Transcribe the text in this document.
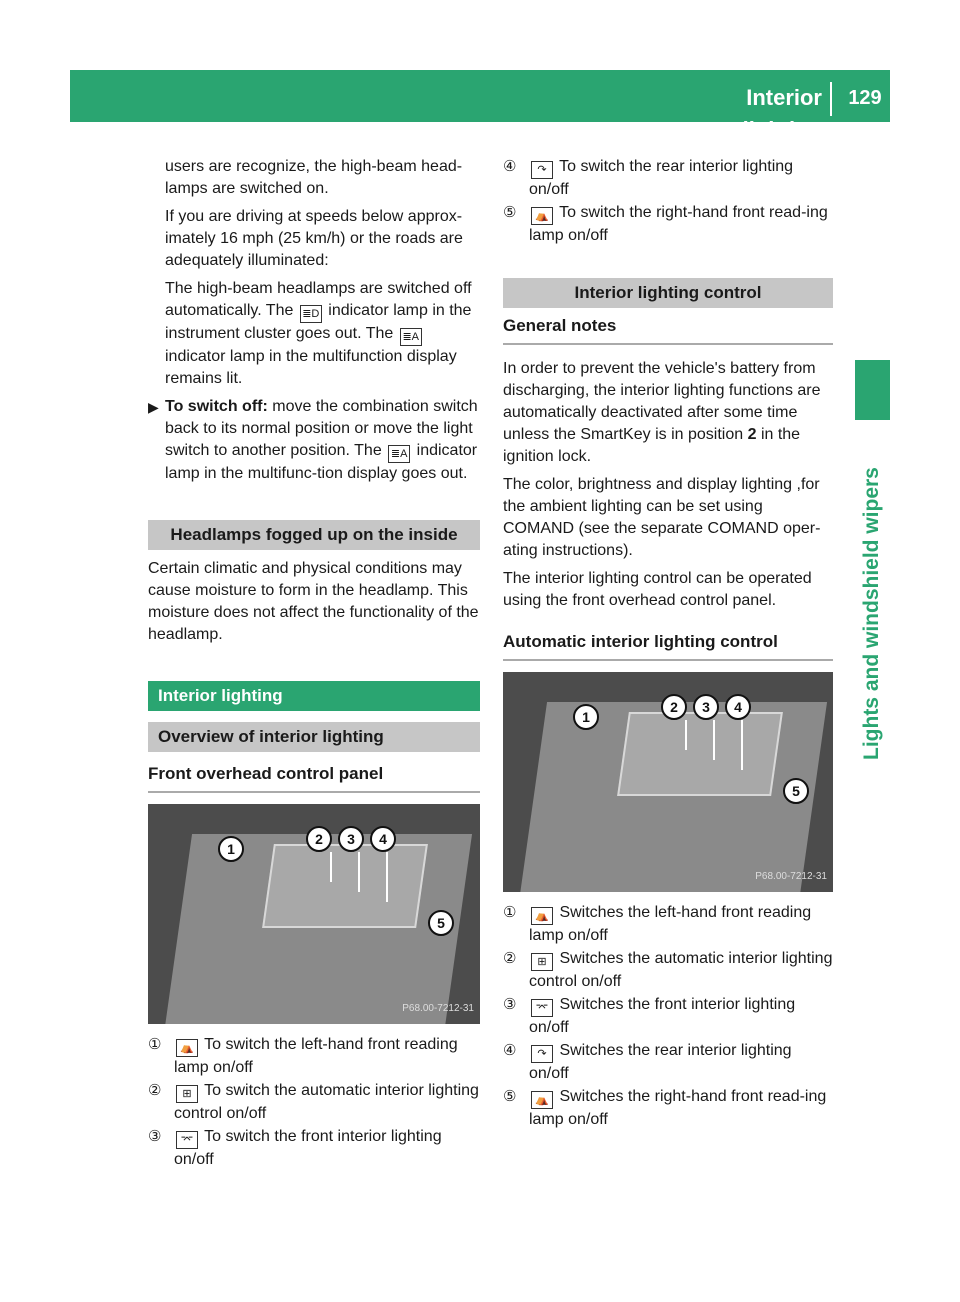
Interior lighting
129
Lights and windshield wipers

users are recognize, the high-beam head-lamps are switched on.

If you are driving at speeds below approx-imately 16 mph (25 km/h) or the roads are adequately illuminated:

The high-beam headlamps are switched off automatically. The ≣D indicator lamp in the instrument cluster goes out. The ≣A indicator lamp in the multifunction display remains lit.

▶ To switch off: move the combination switch back to its normal position or move the light switch to another position. The ≣A indicator lamp in the multifunc-tion display goes out.

Headlamps fogged up on the inside

Certain climatic and physical conditions may cause moisture to form in the headlamp. This moisture does not affect the functionality of the headlamp.

Interior lighting

Overview of interior lighting

Front overhead control panel

1
2	3	4
5
P68.00-7212-31

① ⛺ To switch the left-hand front reading lamp on/off

② ⊞ To switch the automatic interior lighting control on/off

③ ⌤ To switch the front interior lighting on/off

④ ↷ To switch the rear interior lighting on/off

⑤ ⛺ To switch the right-hand front read-ing lamp on/off

Interior lighting control

General notes

In order to prevent the vehicle's battery from discharging, the interior lighting functions are automatically deactivated after some time unless the SmartKey is in position 2 in the ignition lock.

The color, brightness and display lighting ,for the ambient lighting can be set using COMAND (see the separate COMAND oper-ating instructions).

The interior lighting control can be operated using the front overhead control panel.

Automatic interior lighting control

1
2	3	4
5
P68.00-7212-31

① ⛺ Switches the left-hand front reading lamp on/off

② ⊞ Switches the automatic interior lighting control on/off

③ ⌤ Switches the front interior lighting on/off

④ ↷ Switches the rear interior lighting on/off

⑤ ⛺ Switches the right-hand front read-ing lamp on/off
